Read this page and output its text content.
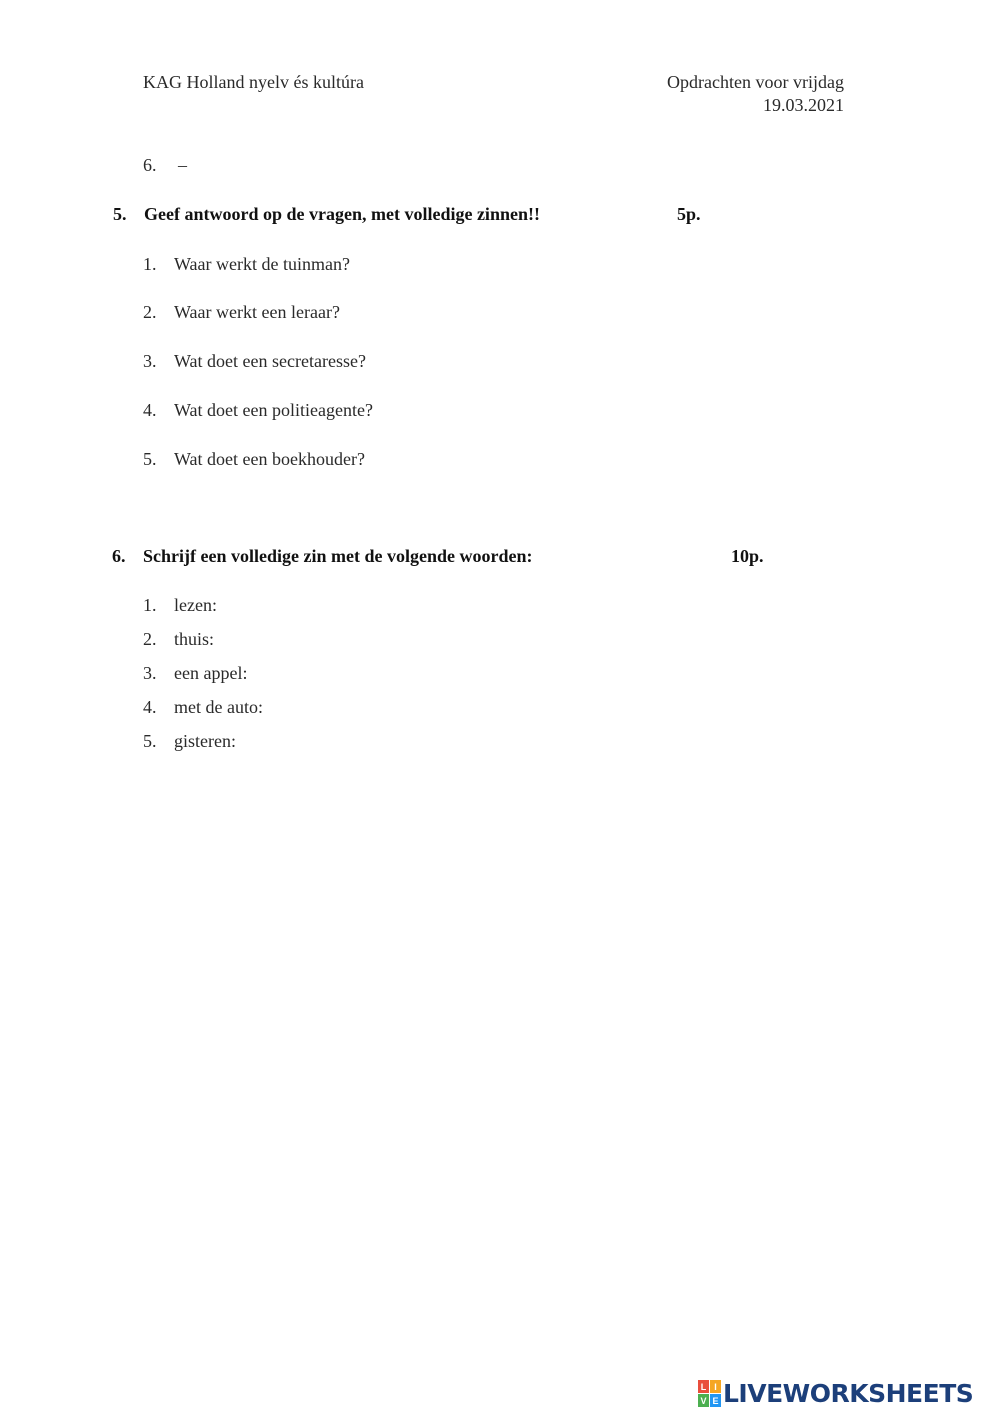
KAG Holland nyelv és kultúra	Opdrachten voor vrijdag
19.03.2021
6. –
5. Geef antwoord op de vragen, met volledige zinnen!!	5p.
1. Waar werkt de tuinman?
2. Waar werkt een leraar?
3. Wat doet een secretaresse?
4. Wat doet een politieagente?
5. Wat doet een boekhouder?
6. Schrijf een volledige zin met de volgende woorden:	10p.
1. lezen:
2. thuis:
3. een appel:
4. met de auto:
5. gisteren:
L I
V E LIVEWORKSHEETS
